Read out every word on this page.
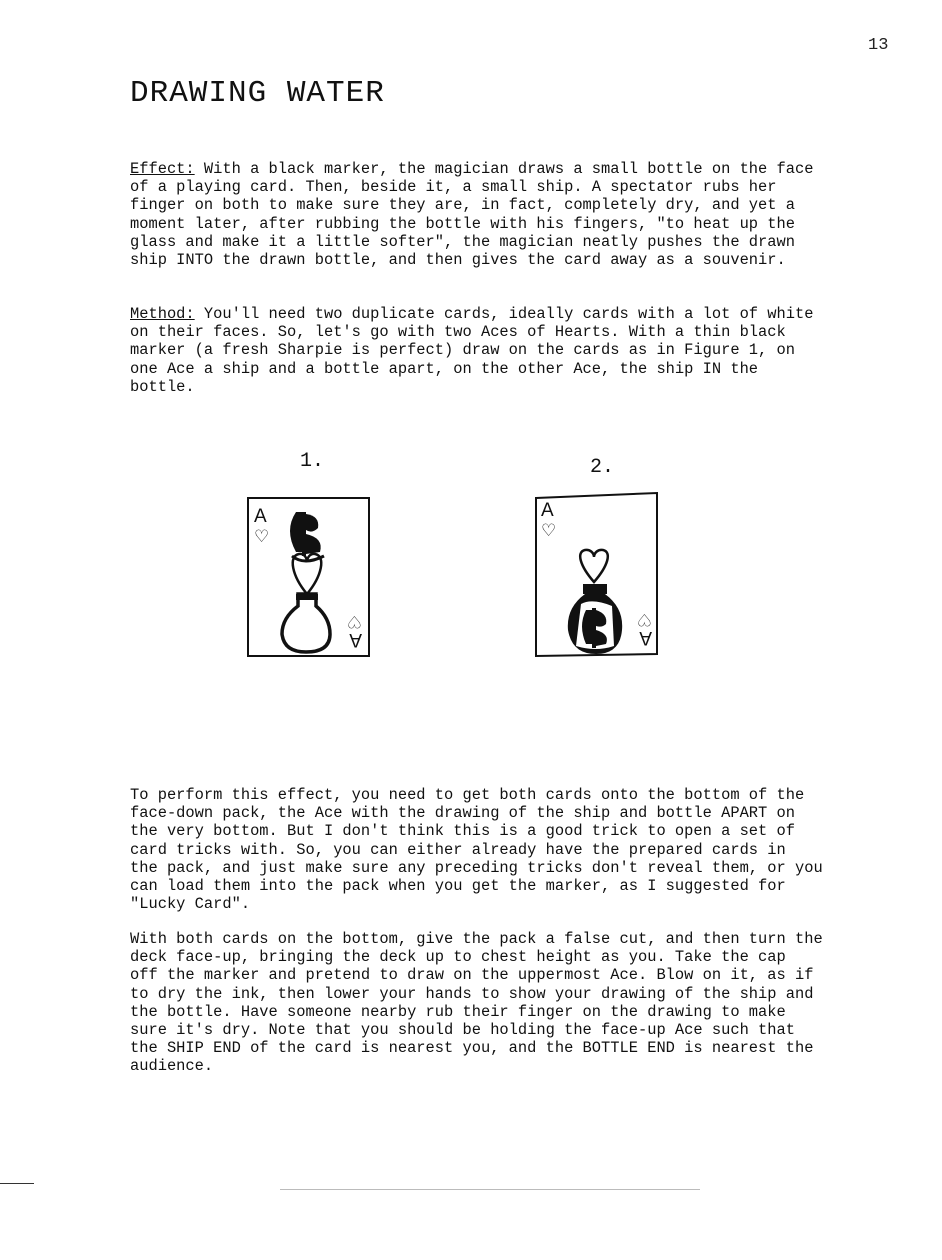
13
DRAWING WATER

Effect: With a black marker, the magician draws a small bottle on the face
of a playing card. Then, beside it, a small ship. A spectator rubs her
finger on both to make sure they are, in fact, completely dry, and yet a
moment later, after rubbing the bottle with his fingers, "to heat up the
glass and make it a little softer", the magician neatly pushes the drawn
ship INTO the drawn bottle, and then gives the card away as a souvenir.

Method: You'll need two duplicate cards, ideally cards with a lot of white
on their faces. So, let's go with two Aces of Hearts. With a thin black
marker (a fresh Sharpie is perfect) draw on the cards as in Figure 1, on
one Ace a ship and a bottle apart, on the other Ace, the ship IN the
bottle.

1.	2.
A
♡
A
♡
A
♡
A
♡

To perform this effect, you need to get both cards onto the bottom of the
face-down pack, the Ace with the drawing of the ship and bottle APART on
the very bottom. But I don't think this is a good trick to open a set of
card tricks with. So, you can either already have the prepared cards in
the pack, and just make sure any preceding tricks don't reveal them, or you
can load them into the pack when you get the marker, as I suggested for
"Lucky Card".

With both cards on the bottom, give the pack a false cut, and then turn the
deck face-up, bringing the deck up to chest height as you. Take the cap
off the marker and pretend to draw on the uppermost Ace. Blow on it, as if
to dry the ink, then lower your hands to show your drawing of the ship and
the bottle. Have someone nearby rub their finger on the drawing to make
sure it's dry. Note that you should be holding the face-up Ace such that
the SHIP END of the card is nearest you, and the BOTTLE END is nearest the
audience.
